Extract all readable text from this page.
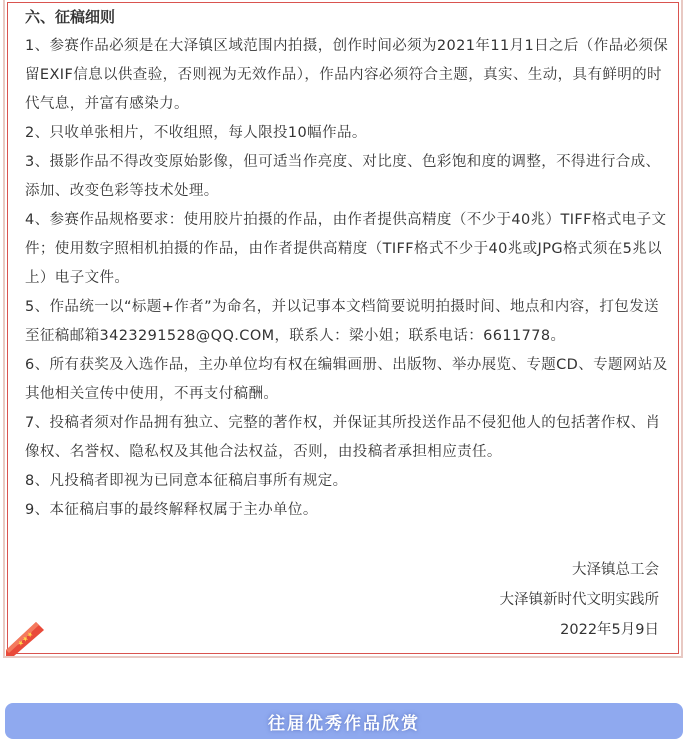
六、征稿细则
1、参赛作品必须是在大泽镇区域范围内拍摄，创作时间必须为2021年11月1日之后（作品必须保留EXIF信息以供查验，否则视为无效作品），作品内容必须符合主题，真实、生动，具有鲜明的时代气息，并富有感染力。
2、只收单张相片，不收组照，每人限投10幅作品。
3、摄影作品不得改变原始影像，但可适当作亮度、对比度、色彩饱和度的调整，不得进行合成、添加、改变色彩等技术处理。
4、参赛作品规格要求：使用胶片拍摄的作品，由作者提供高精度（不少于40兆）TIFF格式电子文件；使用数字照相机拍摄的作品，由作者提供高精度（TIFF格式不少于40兆或JPG格式须在5兆以上）电子文件。
5、作品统一以“标题+作者”为命名，并以记事本文档简要说明拍摄时间、地点和内容，打包发送至征稿邮箱3423291528@QQ.COM，联系人：梁小姐；联系电话：6611778。
6、所有获奖及入选作品，主办单位均有权在编辑画册、出版物、举办展览、专题CD、专题网站及其他相关宣传中使用，不再支付稿酬。
7、投稿者须对作品拥有独立、完整的著作权，并保证其所投送作品不侵犯他人的包括著作权、肖像权、名誉权、隐私权及其他合法权益，否则，由投稿者承担相应责任。
8、凡投稿者即视为已同意本征稿启事所有规定。
9、本征稿启事的最终解释权属于主办单位。
大泽镇总工会
大泽镇新时代文明实践所
2022年5月9日
★★★
往届优秀作品欣赏
